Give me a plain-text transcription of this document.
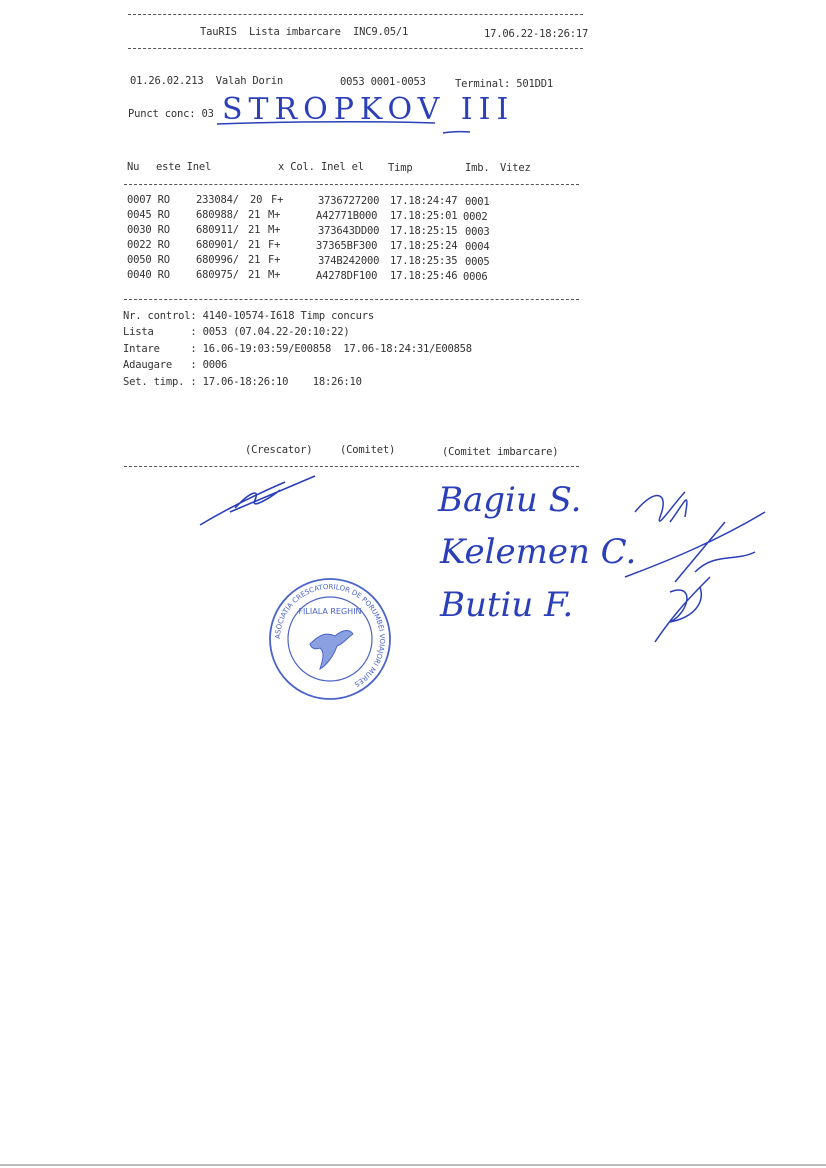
TauRIS  Lista imbarcare  INC9.05/1	17.06.22-18:26:17
01.26.02.213  Valah Dorin	0053 0001-0053	Terminal: 501DD1
Punct conc: 03 STROPKOV III
Nu este Inel	x Col. Inel el Timp	Imb. Vitez
0007 RO 233084/ 20 F+	3736727200 17.18:24:47 0001
0045 RO 680988/ 21 M+	A42771B000 17.18:25:01 0002
0030 RO 680911/ 21 M+	373643DD00 17.18:25:15 0003
0022 RO 680901/ 21 F+	37365BF300 17.18:25:24 0004
0050 RO 680996/ 21 F+	374B242000 17.18:25:35 0005
0040 RO 680975/ 21 M+	A4278DF100 17.18:25:46 0006
Nr. control: 4140-10574-I618 Timp concurs
Lista      : 0053 (07.04.22-20:10:22)
Intare     : 16.06-19:03:59/E00858  17.06-18:24:31/E00858
Adaugare   : 0006
Set. timp. : 17.06-18:26:10    18:26:10
(Crescator)	(Comitet)	(Comitet imbarcare)
Bagiu S.
Kelemen C.
Butiu F.
ASOCIATIA CRESCATORILOR DE PORUMBEI VOIAJORI MURES
FILIALA REGHIN
